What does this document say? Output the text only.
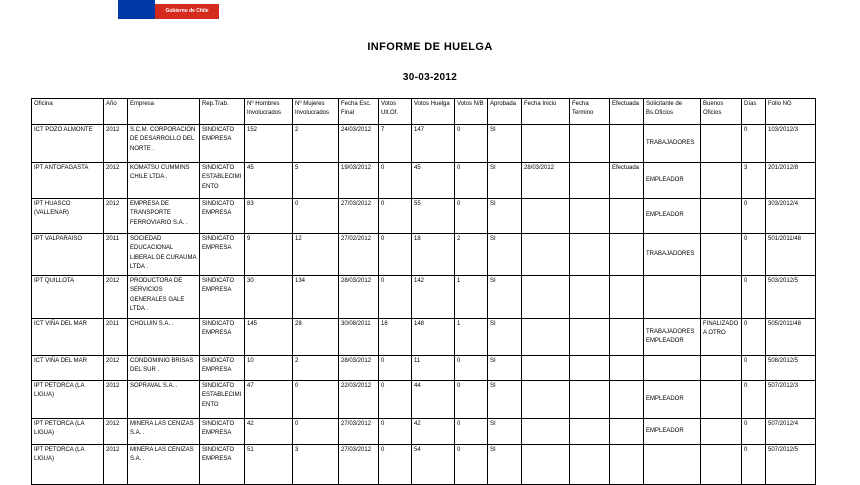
Gobierno de Chile
INFORME DE HUELGA
30-03-2012
Oficina	Año	Empresa	Rep.Trab.	Nº Hombres Involucrados	Nº Mujeres Involucrados	Fecha Esc. Final	Votos Ult.Of.	Votos Huelga	Votos N/B	Aprobada	Fecha Inicio	Fecha Termino	Efectuada	Solicitante de Bs.Oficios	Buenos Oficios	Días	Folio NG
ICT POZO ALMONTE	2012	S.C.M. CORPORACIÓN DE DESARROLLO DEL NORTE .	SINDICATO EMPRESA	152	2	24/03/2012	7	147	0	SI				TRABAJADORES		0	103/2012/3
IPT ANTOFAGASTA	2012	KOMATSU CUMMINS CHILE LTDA .	SINDICATO ESTABLECIMIENTO	45	5	19/03/2012	0	45	0	SI	28/03/2012		Efectuada	EMPLEADOR		3	201/2012/8
IPT HUASCO (VALLENAR)	2012	EMPRESA DE TRANSPORTE FERROVIARIO S.A. .	SINDICATO EMPRESA	83	0	27/03/2012	0	55	0	SI				EMPLEADOR		0	303/2012/4
IPT VALPARAISO	2011	SOCIEDAD EDUCACIONAL LIBERAL DE CURAUMA LTDA .	SINDICATO EMPRESA	9	12	27/02/2012	0	18	2	SI				TRABAJADORES		0	501/2011/48
IPT QUILLOTA	2012	PRODUCTORA DE SERVICIOS GENERALES GALE LTDA .	SINDICATO EMPRESA	30	134	28/03/2012	0	142	1	SI						0	503/2012/5
ICT VIÑA DEL MAR	2011	CHOLUIN S.A. .	SINDICATO EMPRESA	145	28	30/08/2011	16	148	1	SI				TRABAJADORES EMPLEADOR	FINALIZADO A OTRO	0	505/2011/48
ICT VIÑA DEL MAR	2012	CONDOMINIO BRISAS DEL SUR .	SINDICATO EMPRESA	10	2	28/03/2012	0	11	0	SI						0	508/2012/5
IPT PETORCA (LA LIGUA)	2012	SOPRAVAL S.A. .	SINDICATO ESTABLECIMIENTO	47	0	22/03/2012	0	44	0	SI				EMPLEADOR		0	507/2012/3
IPT PETORCA (LA LIGUA)	2012	MINERA LAS CENIZAS S.A. .	SINDICATO EMPRESA	42	0	27/03/2012	0	42	0	SI				EMPLEADOR		0	507/2012/4
IPT PETORCA (LA LIGUA)	2012	MINERA LAS CENIZAS S.A. .	SINDICATO EMPRESA	51	3	27/03/2012	0	54	0	SI						0	507/2012/5
